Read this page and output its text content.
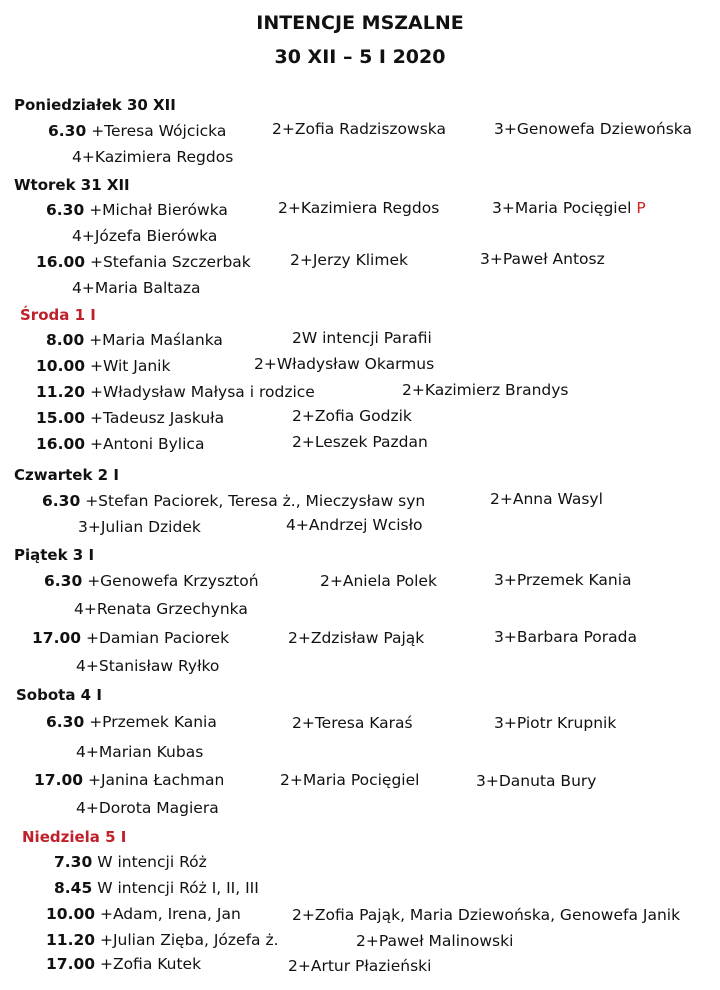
INTENCJE MSZALNE
30 XII – 5 I 2020
Poniedziałek 30 XII
6.30 +Teresa Wójcicka	2+Zofia Radziszowska	3+Genowefa Dziewońska
4+Kazimiera Regdos
Wtorek 31 XII
6.30 +Michał Bierówka	2+Kazimiera Regdos	3+Maria Pocięgiel P
4+Józefa Bierówka
16.00 +Stefania Szczerbak	2+Jerzy Klimek	3+Paweł Antosz
4+Maria Baltaza
Środa 1 I
8.00 +Maria Maślanka	2W intencji Parafii
10.00 +Wit Janik	2+Władysław Okarmus
11.20 +Władysław Małysa i rodzice	2+Kazimierz Brandys
15.00 +Tadeusz Jaskuła	2+Zofia Godzik
16.00 +Antoni Bylica	2+Leszek Pazdan
Czwartek 2 I
6.30 +Stefan Paciorek, Teresa ż., Mieczysław syn	2+Anna Wasyl
3+Julian Dzidek	4+Andrzej Wcisło
Piątek 3 I
6.30 +Genowefa Krzysztoń	2+Aniela Polek	3+Przemek Kania
4+Renata Grzechynka
17.00 +Damian Paciorek	2+Zdzisław Pająk	3+Barbara Porada
4+Stanisław Ryłko
Sobota 4 I
6.30 +Przemek Kania	2+Teresa Karaś	3+Piotr Krupnik
4+Marian Kubas
17.00 +Janina Łachman	2+Maria Pocięgiel	3+Danuta Bury
4+Dorota Magiera
Niedziela 5 I
7.30 W intencji Róż
8.45 W intencji Róż I, II, III
10.00 +Adam, Irena, Jan	2+Zofia Pająk, Maria Dziewońska, Genowefa Janik
11.20 +Julian Zięba, Józefa ż.	2+Paweł Malinowski
17.00 +Zofia Kutek	2+Artur Płazieński
